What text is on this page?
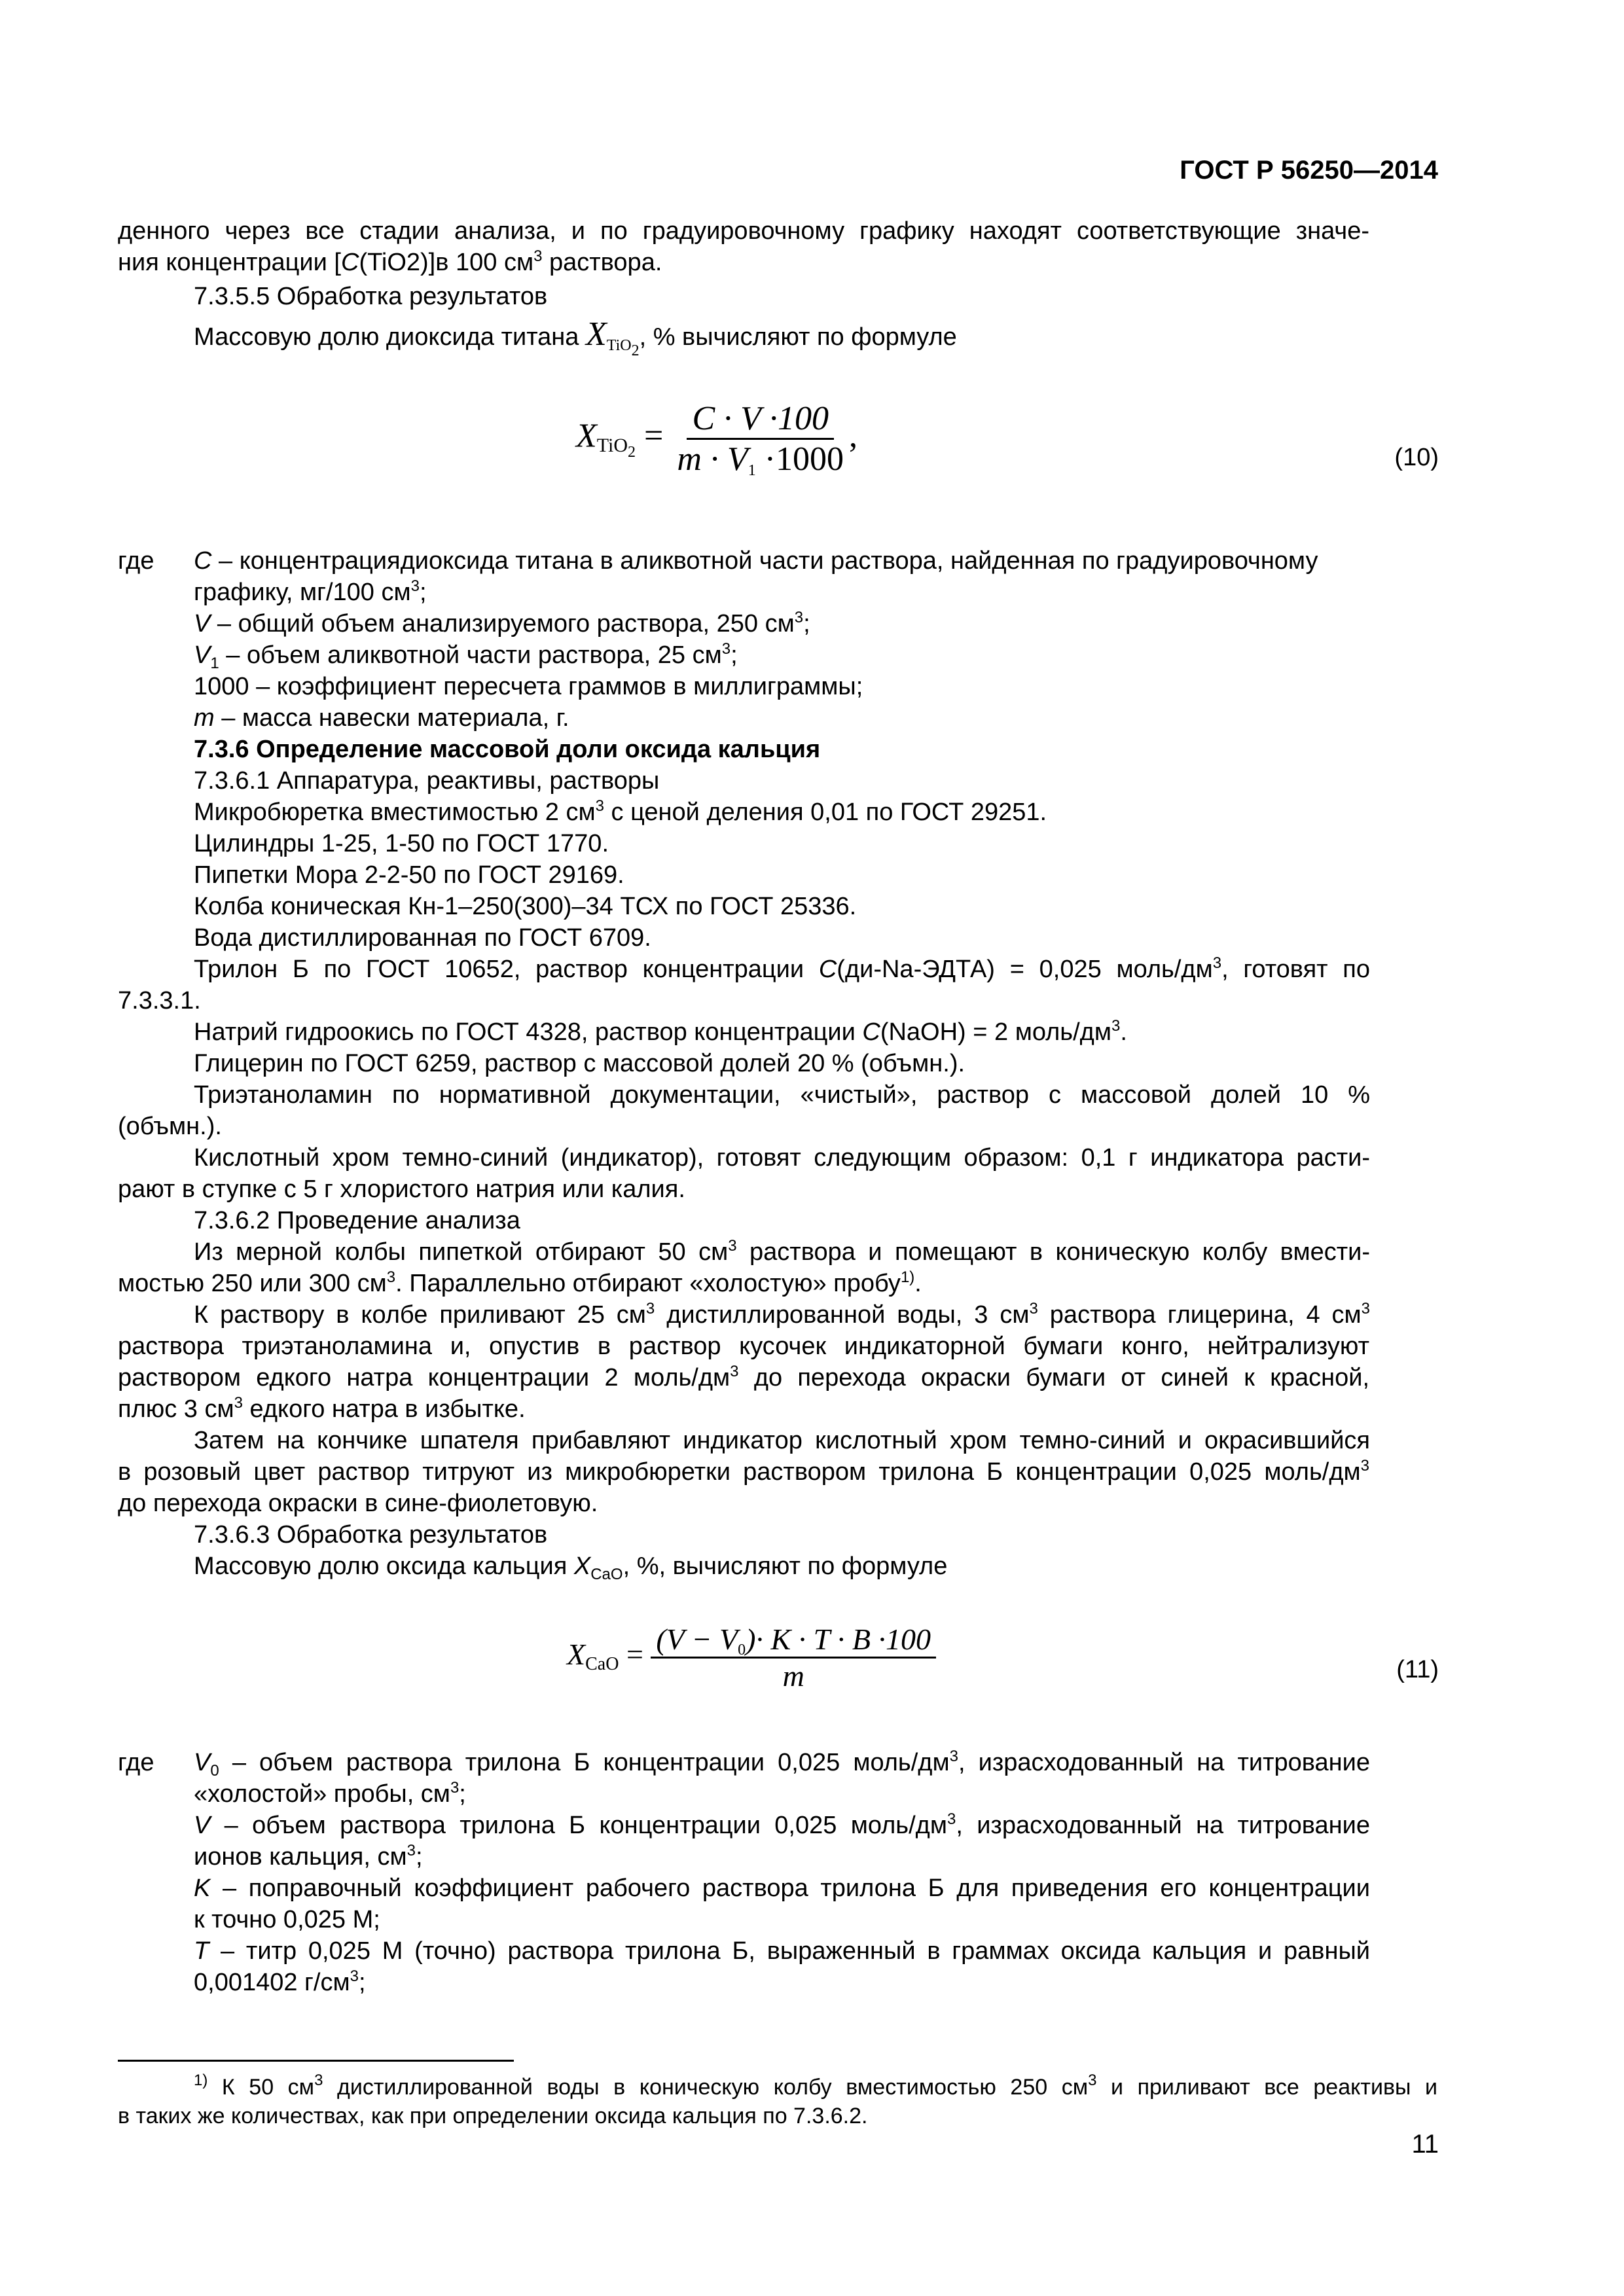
ГОСТ Р 56250—2014
денного через все стадии анализа, и по градуировочному графику находят соответствующие значе-
ния концентрации [С(TiO2)]в 100 $см^3$ раствора.
7.3.5.5 Обработка результатов
Массовую долю диоксида титана $X_{TiO_2}$, % вычисляют по формуле
$X_{TiO_2} = \frac{C \cdot V \cdot 100}{m \cdot V_1 \cdot 1000}$ ,
(10)
где С – концентрациядиоксида титана в аликвотной части раствора, найденная по градуировочному
графику, мг/100 $см^3$;
V – общий объем анализируемого раствора, 250 $см^3$;
$V_1$ – объем аликвотной части раствора, 25 $см^3$;
1000 – коэффициент пересчета граммов в миллиграммы;
m – масса навески материала, г.
7.3.6 Определение массовой доли оксида кальция
7.3.6.1 Аппаратура, реактивы, растворы
Микробюретка вместимостью 2 $см^3$ с ценой деления 0,01 по ГОСТ 29251.
Цилиндры 1-25, 1-50 по ГОСТ 1770.
Пипетки Мора 2-2-50 по ГОСТ 29169.
Колба коническая Кн-1–250(300)–34 ТСХ по ГОСТ 25336.
Вода дистиллированная по ГОСТ 6709.
Трилон Б по ГОСТ 10652, раствор концентрации С(ди-Na-ЭДТА) = 0,025 моль/$дм^3$, готовят по
7.3.3.1.
Натрий гидроокись по ГОСТ 4328, раствор концентрации С(NaOH) = 2 моль/$дм^3$.
Глицерин по ГОСТ 6259, раствор с массовой долей 20 % (объмн.).
Триэтаноламин по нормативной документации, «чистый», раствор с массовой долей 10 %
(объмн.).
Кислотный хром темно-синий (индикатор), готовят следующим образом: 0,1 г индикатора расти-
рают в ступке с 5 г хлористого натрия или калия.
7.3.6.2 Проведение анализа
Из мерной колбы пипеткой отбирают 50 $см^3$ раствора и помещают в коническую колбу вмести-
мостью 250 или 300 $см^3$. Параллельно отбирают «холостую» пробу$^{1)}$.
К раствору в колбе приливают 25 $см^3$ дистиллированной воды, 3 $см^3$ раствора глицерина, 4 $см^3$
раствора триэтаноламина и, опустив в раствор кусочек индикаторной бумаги конго, нейтрализуют
раствором едкого натра концентрации 2 моль/$дм^3$ до перехода окраски бумаги от синей к красной,
плюс 3 $см^3$ едкого натра в избытке.
Затем на кончике шпателя прибавляют индикатор кислотный хром темно-синий и окрасившийся
в розовый цвет раствор титруют из микробюретки раствором трилона Б концентрации 0,025 моль/$дм^3$
до перехода окраски в сине-фиолетовую.
7.3.6.3 Обработка результатов
Массовую долю оксида кальция $X_{CaO}$, %, вычисляют по формуле
$X_{CaO} = \frac{(V - V_0)\cdot K \cdot T \cdot B \cdot 100}{m}$	(11)
где $V_0$ – объем раствора трилона Б концентрации 0,025 моль/$дм^3$, израсходованный на титрование
«холостой» пробы, $см^3$;
V – объем раствора трилона Б концентрации 0,025 моль/$дм^3$, израсходованный на титрование
ионов кальция, $см^3$;
K – поправочный коэффициент рабочего раствора трилона Б для приведения его концентрации
к точно 0,025 М;
T – титр 0,025 М (точно) раствора трилона Б, выраженный в граммах оксида кальция и равный
0,001402 $г/см^3$;
$^{1)}$ К 50 $см^3$ дистиллированной воды в коническую колбу вместимостью 250 $см^3$ и приливают все реактивы и
в таких же количествах, как при определении оксида кальция по 7.3.6.2.
11
